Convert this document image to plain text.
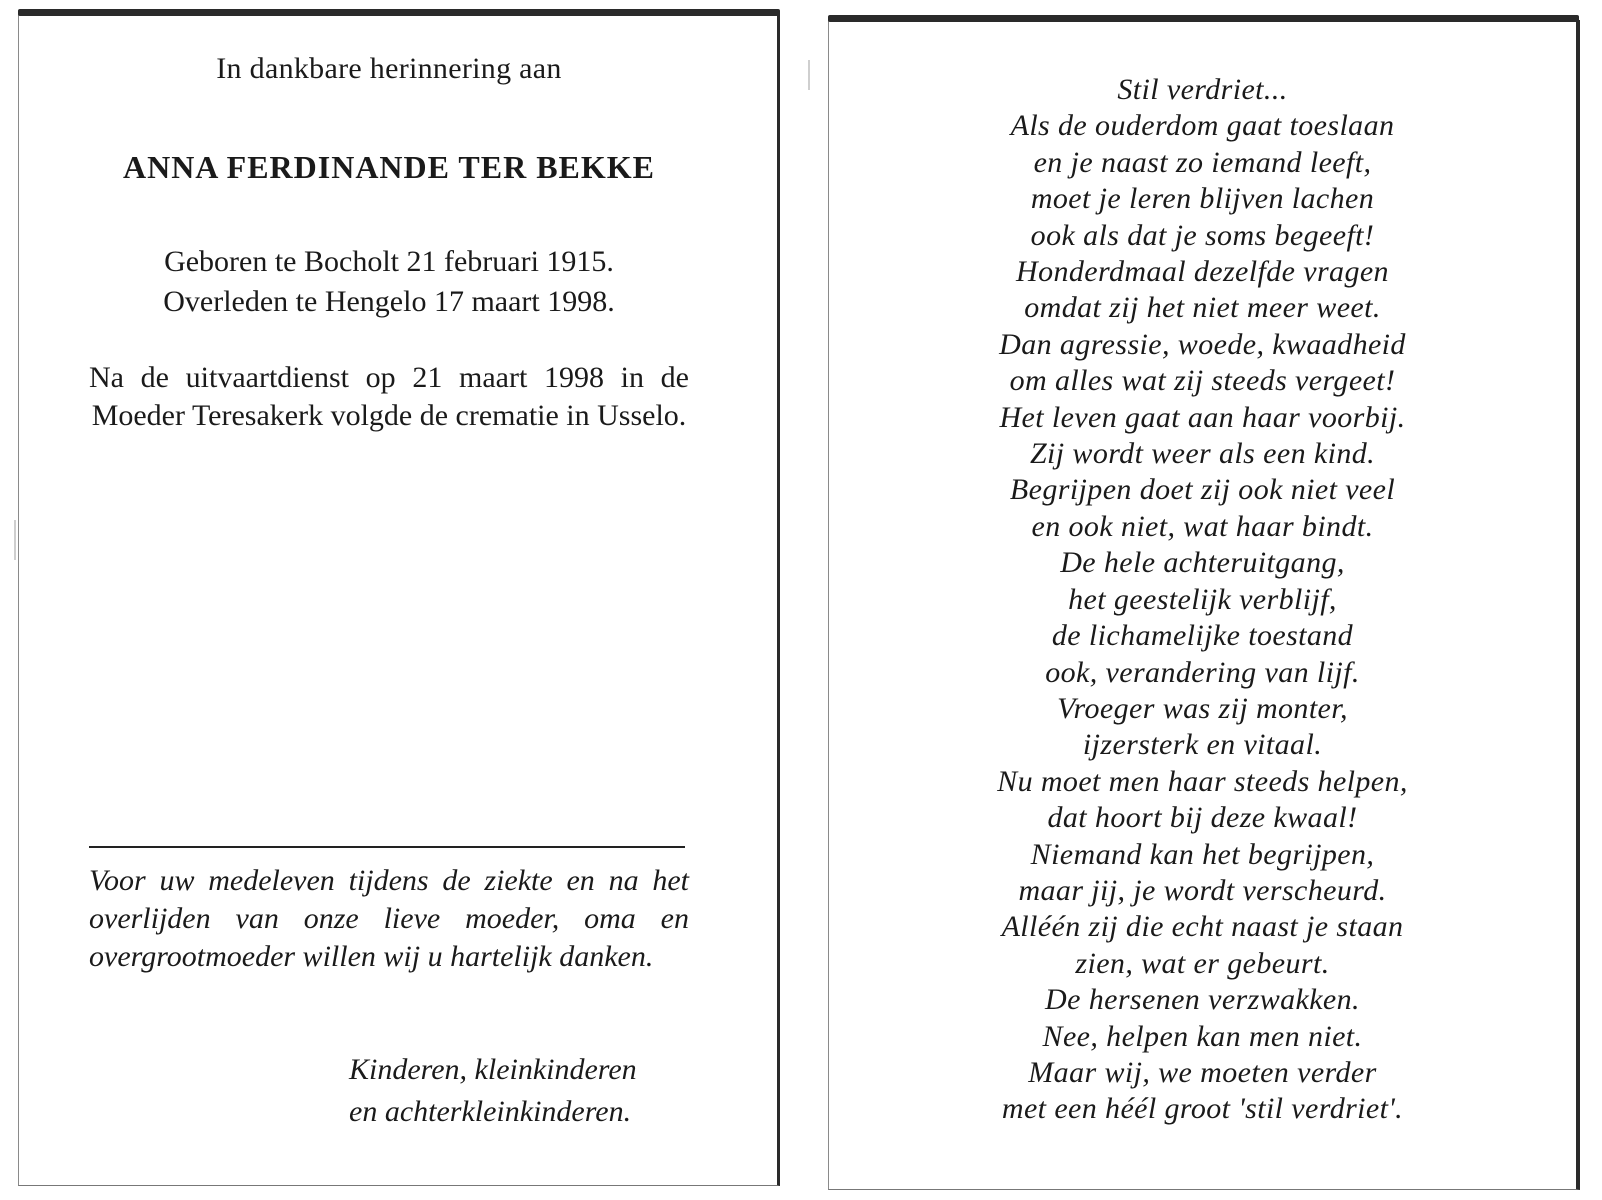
In dankbare herinnering aan
ANNA FERDINANDE TER BEKKE
Geboren te Bocholt 21 februari 1915.
Overleden te Hengelo 17 maart 1998.
Na de uitvaartdienst op 21 maart 1998 in de Moeder Teresakerk volgde de crematie in Usselo.
Voor uw medeleven tijdens de ziekte en na het overlijden van onze lieve moeder, oma en overgrootmoeder willen wij u hartelijk danken.
Kinderen, kleinkinderen
en achterkleinkinderen.
Stil verdriet...
Als de ouderdom gaat toeslaan
en je naast zo iemand leeft,
moet je leren blijven lachen
ook als dat je soms begeeft!
Honderdmaal dezelfde vragen
omdat zij het niet meer weet.
Dan agressie, woede, kwaadheid
om alles wat zij steeds vergeet!
Het leven gaat aan haar voorbij.
Zij wordt weer als een kind.
Begrijpen doet zij ook niet veel
en ook niet, wat haar bindt.
De hele achteruitgang,
het geestelijk verblijf,
de lichamelijke toestand
ook, verandering van lijf.
Vroeger was zij monter,
ijzersterk en vitaal.
Nu moet men haar steeds helpen,
dat hoort bij deze kwaal!
Niemand kan het begrijpen,
maar jij, je wordt verscheurd.
Alléén zij die echt naast je staan
zien, wat er gebeurt.
De hersenen verzwakken.
Nee, helpen kan men niet.
Maar wij, we moeten verder
met een héél groot 'stil verdriet'.
